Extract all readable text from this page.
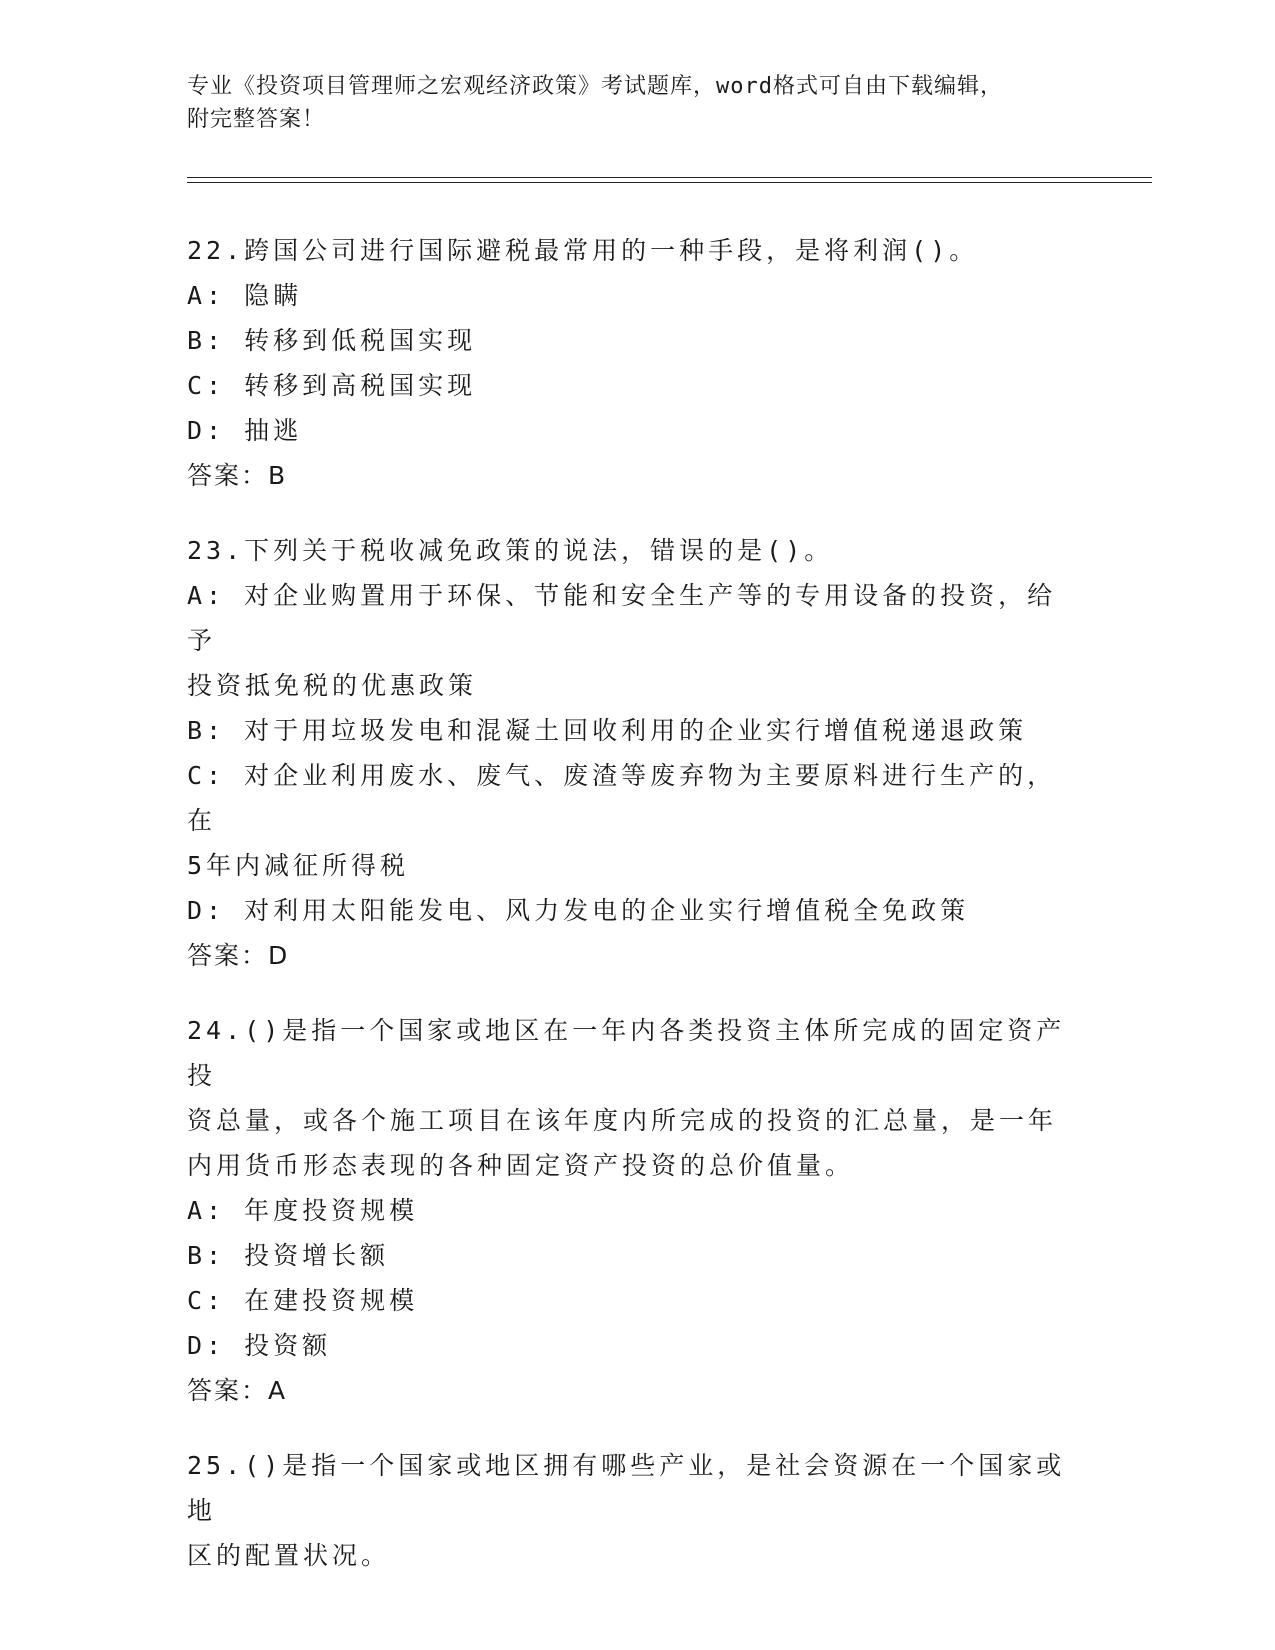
专业《投资项目管理师之宏观经济政策》考试题库，word格式可自由下载编辑，
附完整答案！
22.跨国公司进行国际避税最常用的一种手段，是将利润()。
A: 隐瞒
B: 转移到低税国实现
C: 转移到高税国实现
D: 抽逃
答案：B
23.下列关于税收减免政策的说法，错误的是()。
A: 对企业购置用于环保、节能和安全生产等的专用设备的投资，给予
投资抵免税的优惠政策
B: 对于用垃圾发电和混凝土回收利用的企业实行增值税递退政策
C: 对企业利用废水、废气、废渣等废弃物为主要原料进行生产的，在
5年内减征所得税
D: 对利用太阳能发电、风力发电的企业实行增值税全免政策
答案：D
24.()是指一个国家或地区在一年内各类投资主体所完成的固定资产投
资总量，或各个施工项目在该年度内所完成的投资的汇总量，是一年
内用货币形态表现的各种固定资产投资的总价值量。
A: 年度投资规模
B: 投资增长额
C: 在建投资规模
D: 投资额
答案：A
25.()是指一个国家或地区拥有哪些产业，是社会资源在一个国家或地
区的配置状况。
